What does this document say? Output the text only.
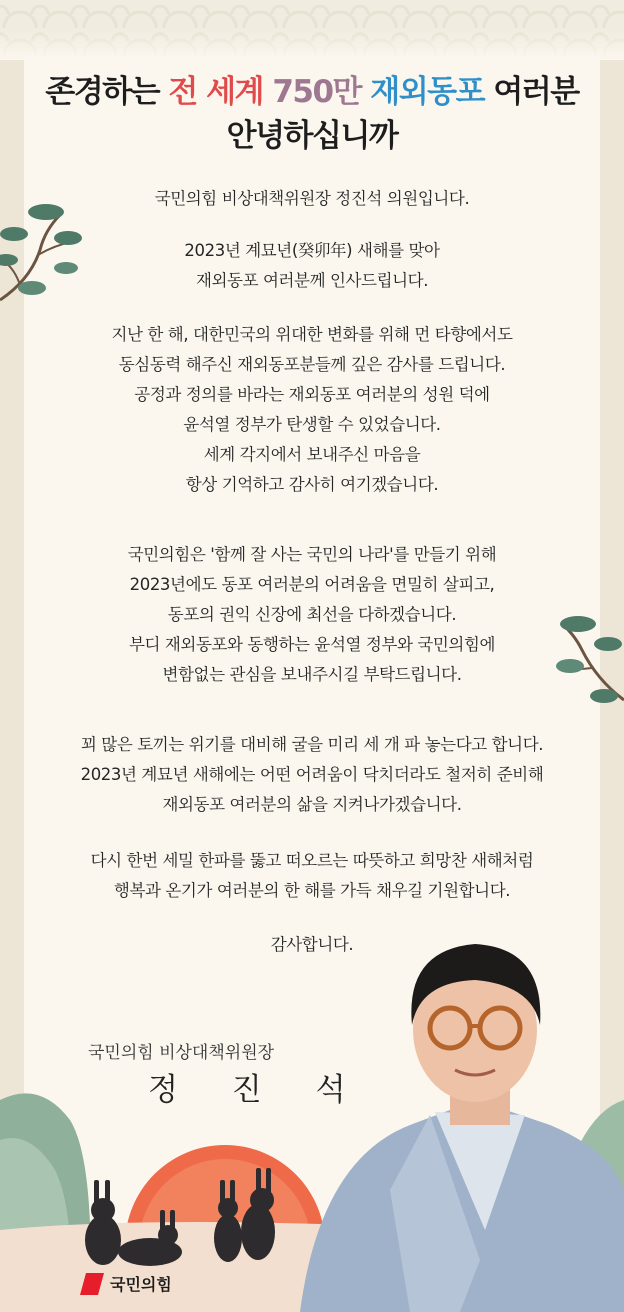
존경하는 전 세계 750만 재외동포 여러분
안녕하십니까
국민의힘 비상대책위원장 정진석 의원입니다.
2023년 계묘년(癸卯年) 새해를 맞아
재외동포 여러분께 인사드립니다.
지난 한 해, 대한민국의 위대한 변화를 위해 먼 타향에서도
동심동력 해주신 재외동포분들께 깊은 감사를 드립니다.
공정과 정의를 바라는 재외동포 여러분의 성원 덕에
윤석열 정부가 탄생할 수 있었습니다.
세계 각지에서 보내주신 마음을
항상 기억하고 감사히 여기겠습니다.
국민의힘은 '함께 잘 사는 국민의 나라'를 만들기 위해
2023년에도 동포 여러분의 어려움을 면밀히 살피고,
동포의 권익 신장에 최선을 다하겠습니다.
부디 재외동포와 동행하는 윤석열 정부와 국민의힘에
변함없는 관심을 보내주시길 부탁드립니다.
꾀 많은 토끼는 위기를 대비해 굴을 미리 세 개 파 놓는다고 합니다.
2023년 계묘년 새해에는 어떤 어려움이 닥치더라도 철저히 준비해
재외동포 여러분의 삶을 지켜나가겠습니다.
다시 한번 세밀 한파를 뚫고 떠오르는 따뜻하고 희망찬 새해처럼
행복과 온기가 여러분의 한 해를 가득 채우길 기원합니다.
감사합니다.
국민의힘 비상대책위원장
정 진 석
국민의힘
